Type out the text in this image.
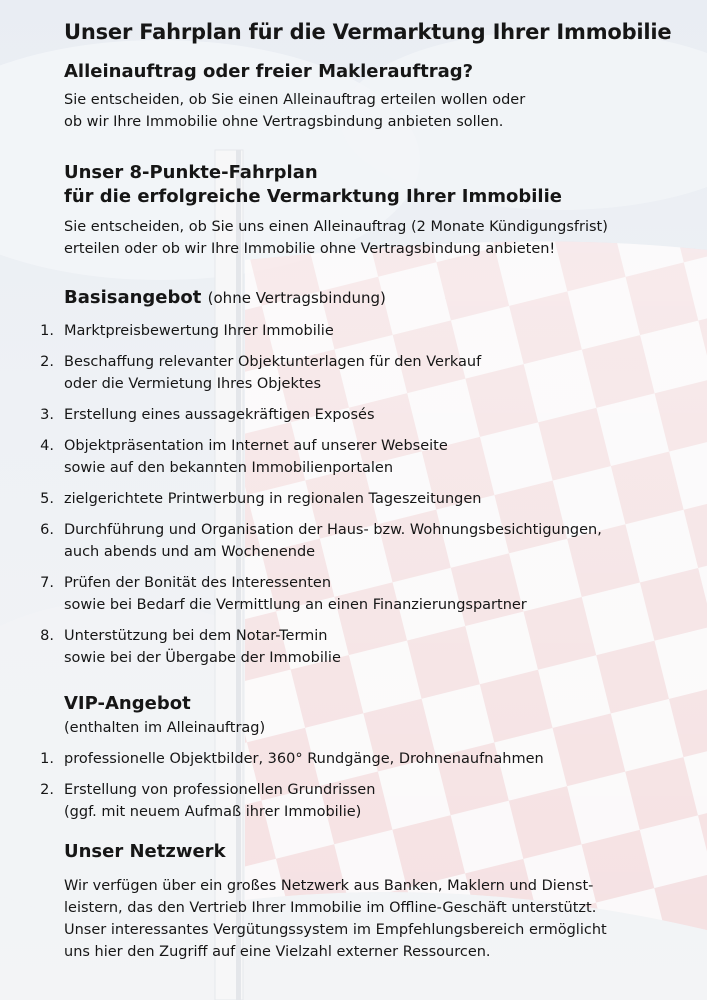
Unser Fahrplan für die Vermarktung Ihrer Immobilie
Alleinauftrag oder freier Maklerauftrag?
Sie entscheiden, ob Sie einen Alleinauftrag erteilen wollen oder
ob wir Ihre Immobilie ohne Vertragsbindung anbieten sollen.
Unser 8-Punkte-Fahrplan
für die erfolgreiche Vermarktung Ihrer Immobilie
Sie entscheiden, ob Sie uns einen Alleinauftrag (2 Monate Kündigungsfrist)
erteilen oder ob wir Ihre Immobilie ohne Vertragsbindung anbieten!
Basisangebot (ohne Vertragsbindung)
1. Marktpreisbewertung Ihrer Immobilie
2. Beschaffung relevanter Objektunterlagen für den Verkauf
oder die Vermietung Ihres Objektes
3. Erstellung eines aussagekräftigen Exposés
4. Objektpräsentation im Internet auf unserer Webseite
sowie auf den bekannten Immobilienportalen
5. zielgerichtete Printwerbung in regionalen Tageszeitungen
6. Durchführung und Organisation der Haus- bzw. Wohnungsbesichtigungen,
auch abends und am Wochenende
7. Prüfen der Bonität des Interessenten
sowie bei Bedarf die Vermittlung an einen Finanzierungspartner
8. Unterstützung bei dem Notar-Termin
sowie bei der Übergabe der Immobilie
VIP-Angebot
(enthalten im Alleinauftrag)
1. professionelle Objektbilder, 360° Rundgänge, Drohnenaufnahmen
2. Erstellung von professionellen Grundrissen
(ggf. mit neuem Aufmaß ihrer Immobilie)
Unser Netzwerk
Wir verfügen über ein großes Netzwerk aus Banken, Maklern und Dienst-
leistern, das den Vertrieb Ihrer Immobilie im Offline-Geschäft unterstützt.
Unser interessantes Vergütungssystem im Empfehlungsbereich ermöglicht
uns hier den Zugriff auf eine Vielzahl externer Ressourcen.
